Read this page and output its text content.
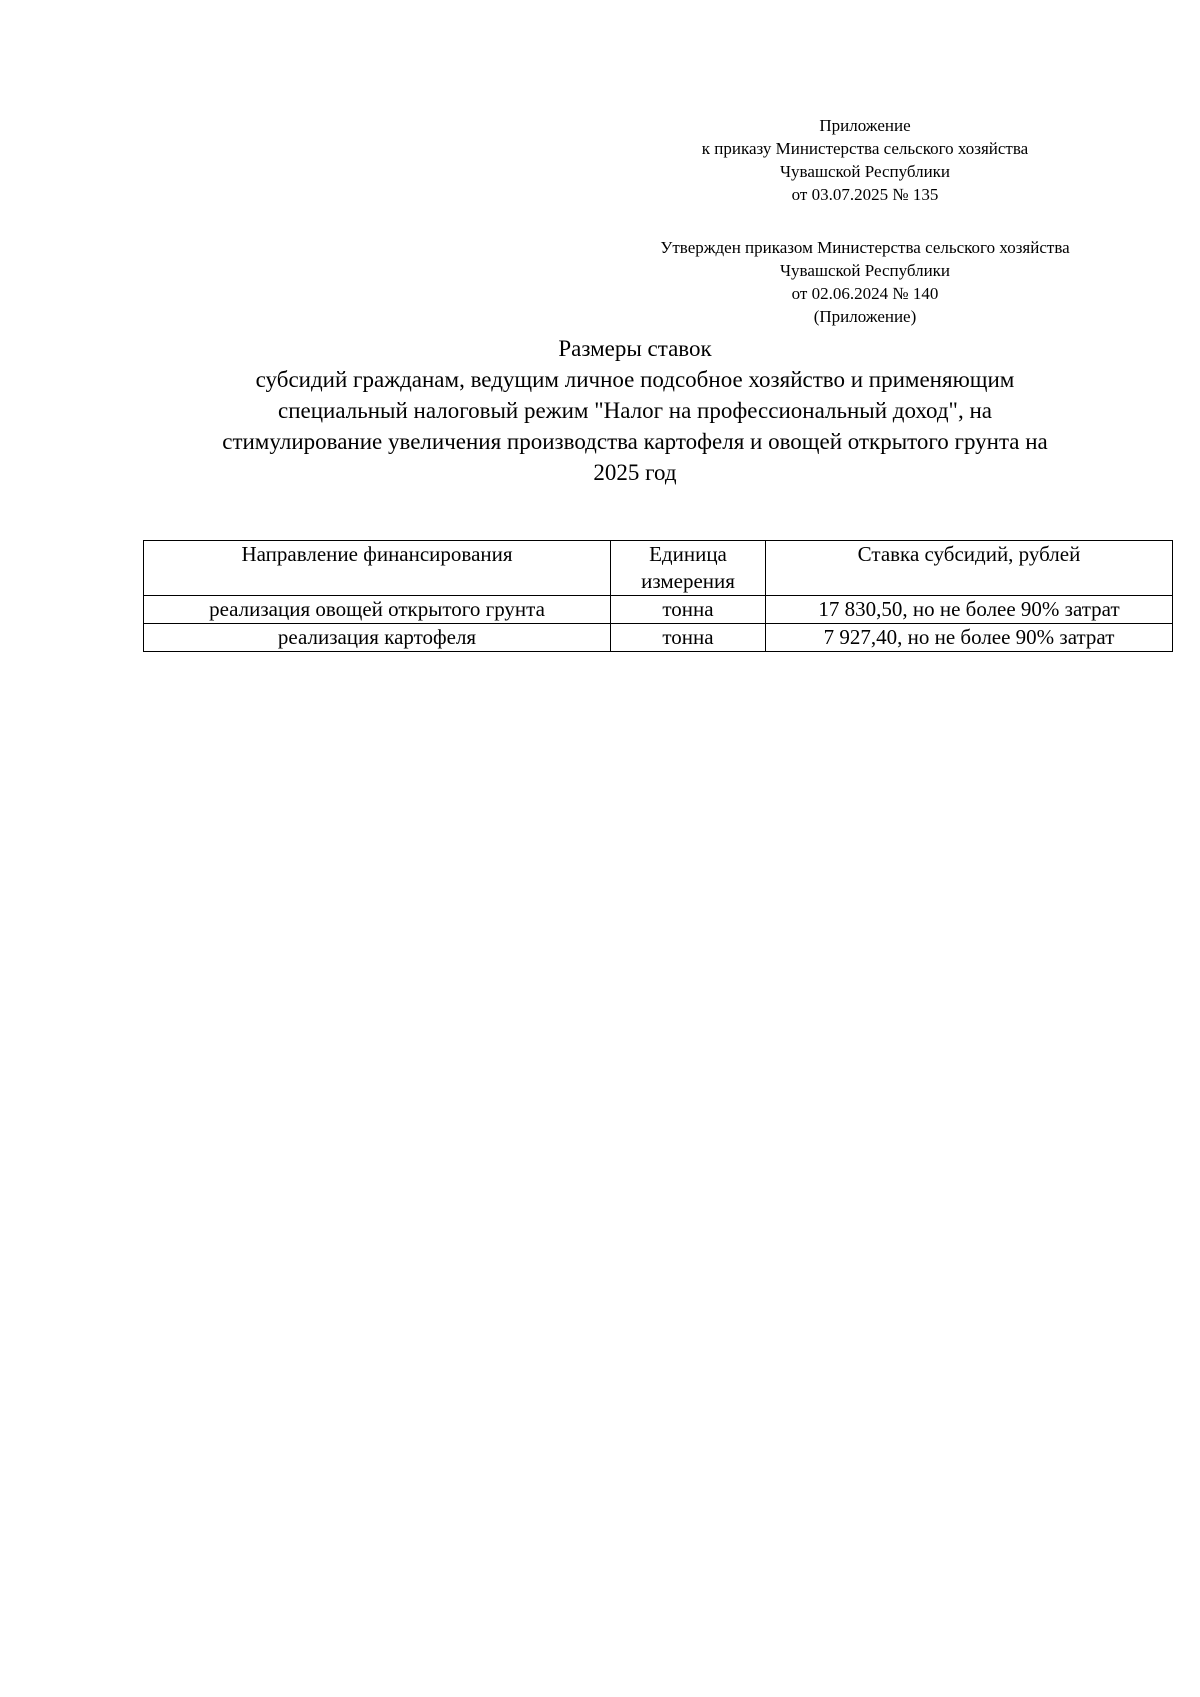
Приложение
к приказу Министерства сельского хозяйства
Чувашской Республики
от 03.07.2025 № 135
Утвержден приказом Министерства сельского хозяйства
Чувашской Республики
от 02.06.2024 № 140
(Приложение)
Размеры ставок
субсидий гражданам, ведущим личное подсобное хозяйство и применяющим
специальный налоговый режим "Налог на профессиональный доход", на
стимулирование увеличения производства картофеля и овощей открытого грунта на
2025 год
Направление финансирования	Единица измерения	Ставка субсидий, рублей
реализация овощей открытого грунта	тонна	17 830,50, но не более 90% затрат
реализация картофеля	тонна	7 927,40, но не более 90% затрат
